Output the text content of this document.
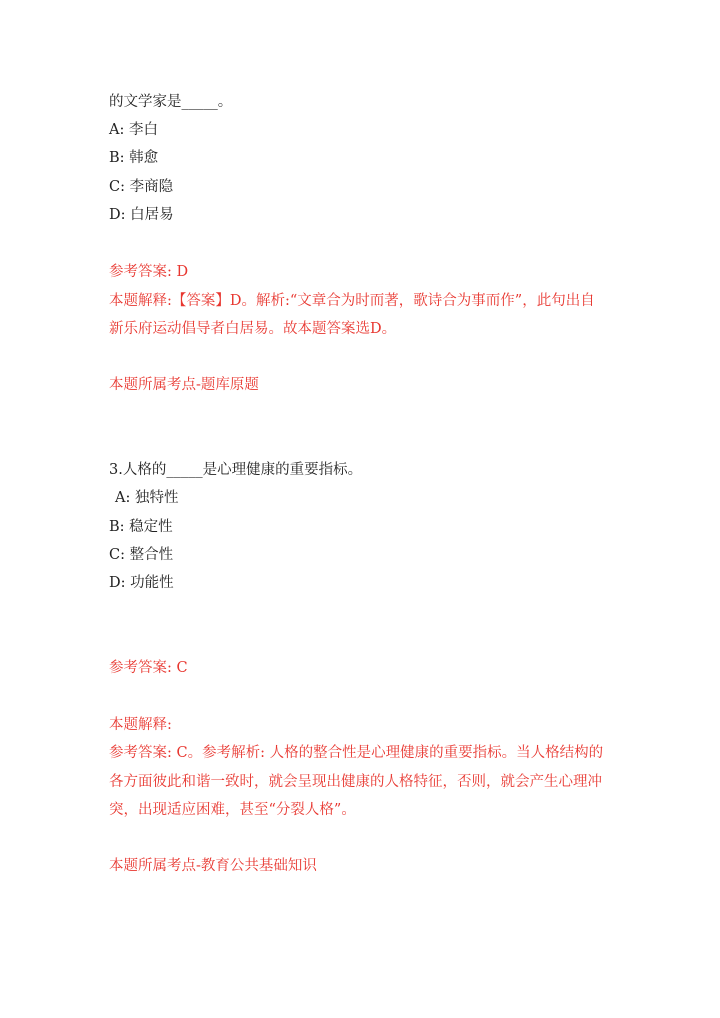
的文学家是_____。
A: 李白
B: 韩愈
C: 李商隐
D: 白居易
参考答案: D
本题解释:【答案】D。解析:“文章合为时而著，歌诗合为事而作”，此句出自
新乐府运动倡导者白居易。故本题答案选D。
本题所属考点-题库原题
3.人格的_____是心理健康的重要指标。
A: 独特性
B: 稳定性
C: 整合性
D: 功能性
参考答案: C
本题解释:
参考答案: C。参考解析: 人格的整合性是心理健康的重要指标。当人格结构的
各方面彼此和谐一致时，就会呈现出健康的人格特征，否则，就会产生心理冲
突，出现适应困难，甚至“分裂人格”。
本题所属考点-教育公共基础知识
